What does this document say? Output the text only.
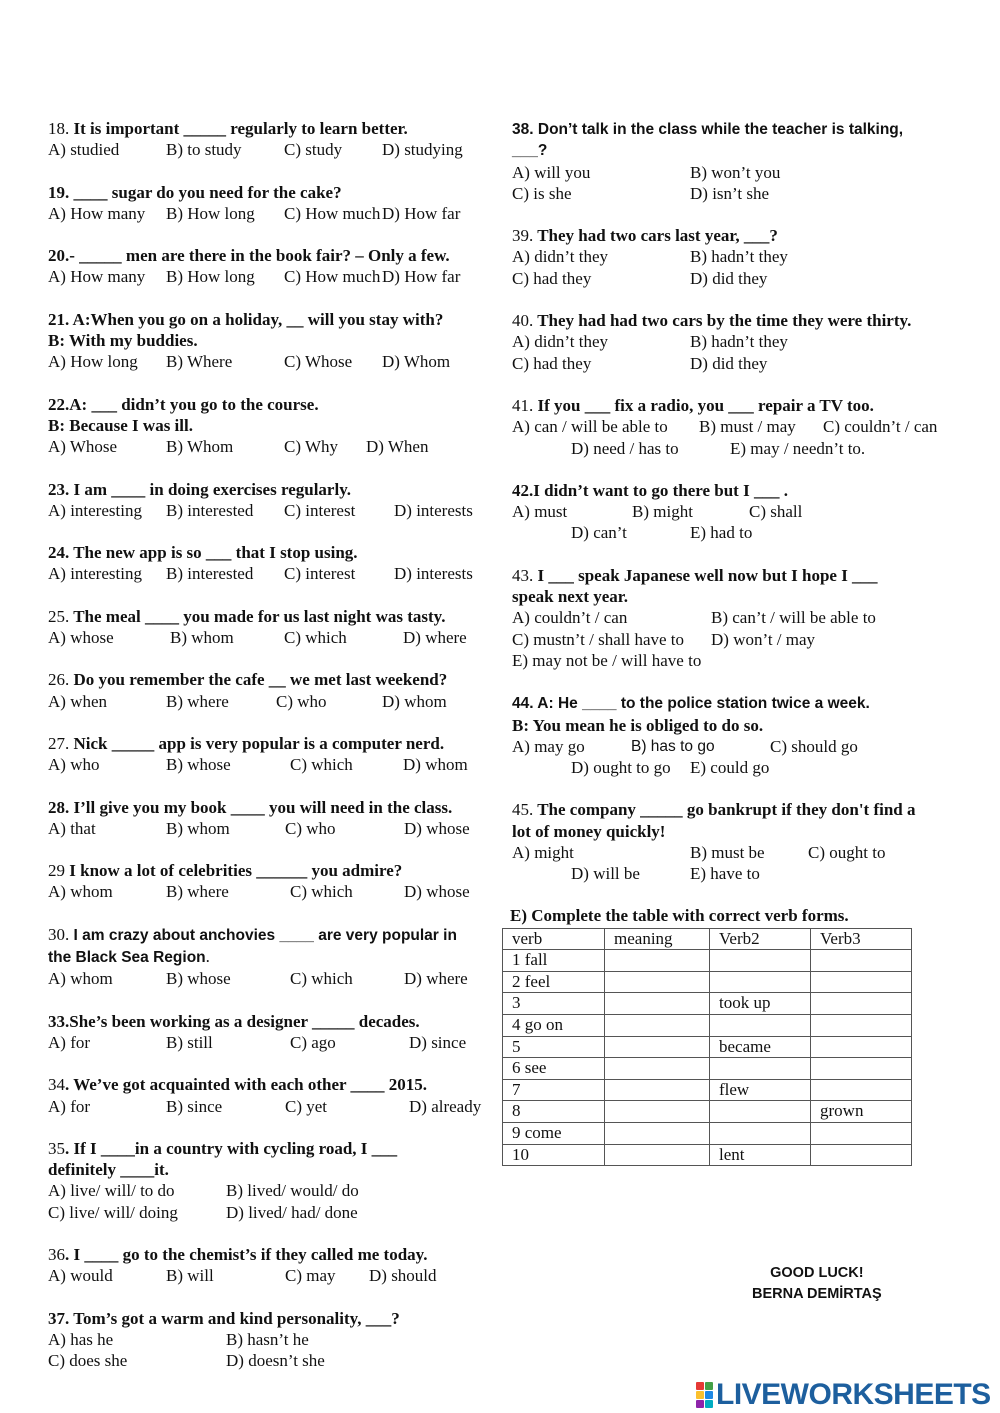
18. It is important _____ regularly to learn better.
A) studied	B) to study	C) study	D) studying
19. ____ sugar do you need for the cake?
A) How many	B) How long	C) How much D) How far
20.- _____ men are there in the book fair? – Only a few.
A) How many	B) How long	C) How much D) How far
21. A:When you go on a holiday, __ will you stay with?
B: With my buddies.
A) How long	B) Where	C) Whose	D) Whom
22.A: ___ didn’t you go to the course.
B: Because I was ill.
A) Whose	B) Whom	C) Why	D) When
23. I am ____ in doing exercises regularly.
A) interesting	B) interested	C) interest	D) interests
24. The new app is so ___ that I stop using.
A) interesting	B) interested	C) interest	D) interests
25. The meal ____ you made for us last night was tasty.
A) whose	B) whom	C) which	D) where
26. Do you remember the cafe __ we met last weekend?
A) when	B) where	C) who	D) whom
27. Nick _____ app is very popular is a computer nerd.
A) who	B) whose	C) which	D) whom
28. I’ll give you my book ____ you will need in the class.
A) that	B) whom	C) who	D) whose
29 I know a lot of celebrities ______ you admire?
A) whom	B) where	C) which	D) whose
30. I am crazy about anchovies ____ are very popular in
the Black Sea Region.
A) whom	B) whose	C) which	D) where
33.She’s been working as a designer _____ decades.
A) for	B) still	C) ago	D) since
34. We’ve got acquainted with each other ____ 2015.
A) for	B) since	C) yet	D) already
35. If I ____in a country with cycling road, I ___
definitely ____it.
A) live/ will/ to do	B) lived/ would/ do
C) live/ will/ doing	D) lived/ had/ done
36. I ____ go to the chemist’s if they called me today.
A) would	B) will	C) may	D) should
37. Tom’s got a warm and kind personality, ___?
A) has he	B) hasn’t he
C) does she	D) doesn’t she
38. Don’t talk in the class while the teacher is talking,
___?
A) will you	B) won’t you
C) is she	D) isn’t she
39. They had two cars last year, ___?
A) didn’t they	B) hadn’t they
C) had they	D) did they
40. They had had two cars by the time they were thirty.
A) didn’t they	B) hadn’t they
C) had they	D) did they
41. If you ___ fix a radio, you ___ repair a TV too.
A) can / will be able to	B) must / may	C) couldn’t / can
D) need / has to	E) may / needn’t to.
42.I didn’t want to go there but I ___ .
A) must	B) might	C) shall
D) can’t	E) had to
43. I ___ speak Japanese well now but I hope I ___
speak next year.
A) couldn’t / can	B) can’t / will be able to
C) mustn’t / shall have to	D) won’t / may
E) may not be / will have to
44. A: He ____ to the police station twice a week.
B: You mean he is obliged to do so.
A) may go	B) has to go	C) should go
D) ought to go	E) could go
45. The company _____ go bankrupt if they don't find a
lot of money quickly!
A) might	B) must be	C) ought to
D) will be	E) have to
E) Complete the table with correct verb forms.
verb	meaning	Verb2	Verb3
1 fall			
2 feel			
3		took up	
4 go on			
5		became	
6 see			
7		flew	
8			grown
9 come			
10		lent	
GOOD LUCK!
BERNA DEMİRTAŞ
LIVEWORKSHEETS
